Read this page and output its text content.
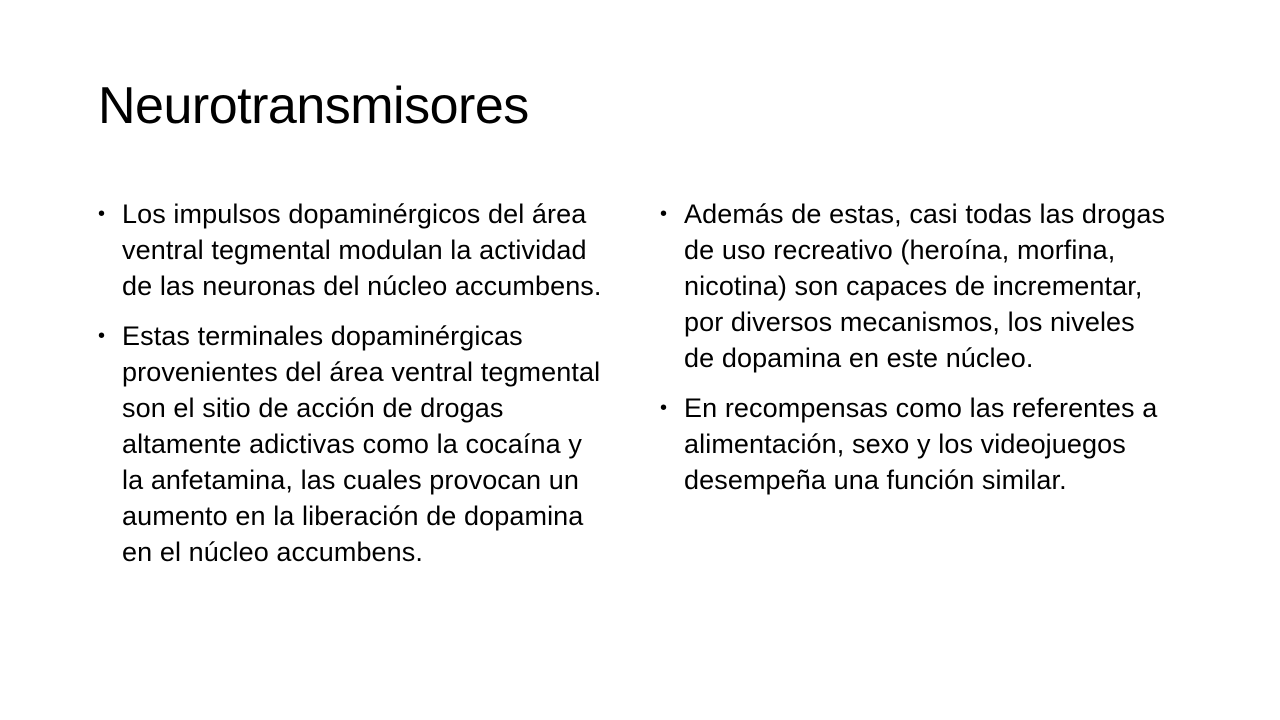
Neurotransmisores
• Los impulsos dopaminérgicos del área ventral tegmental modulan la actividad de las neuronas del núcleo accumbens.
• Estas terminales dopaminérgicas provenientes del área ventral tegmental son el sitio de acción de drogas altamente adictivas como la cocaína y la anfetamina, las cuales provocan un aumento en la liberación de dopamina en el núcleo accumbens.
• Además de estas, casi todas las drogas de uso recreativo (heroína, morfina, nicotina) son capaces de incrementar, por diversos mecanismos, los niveles de dopamina en este núcleo.
• En recompensas como las referentes a alimentación, sexo y los videojuegos desempeña una función similar.
